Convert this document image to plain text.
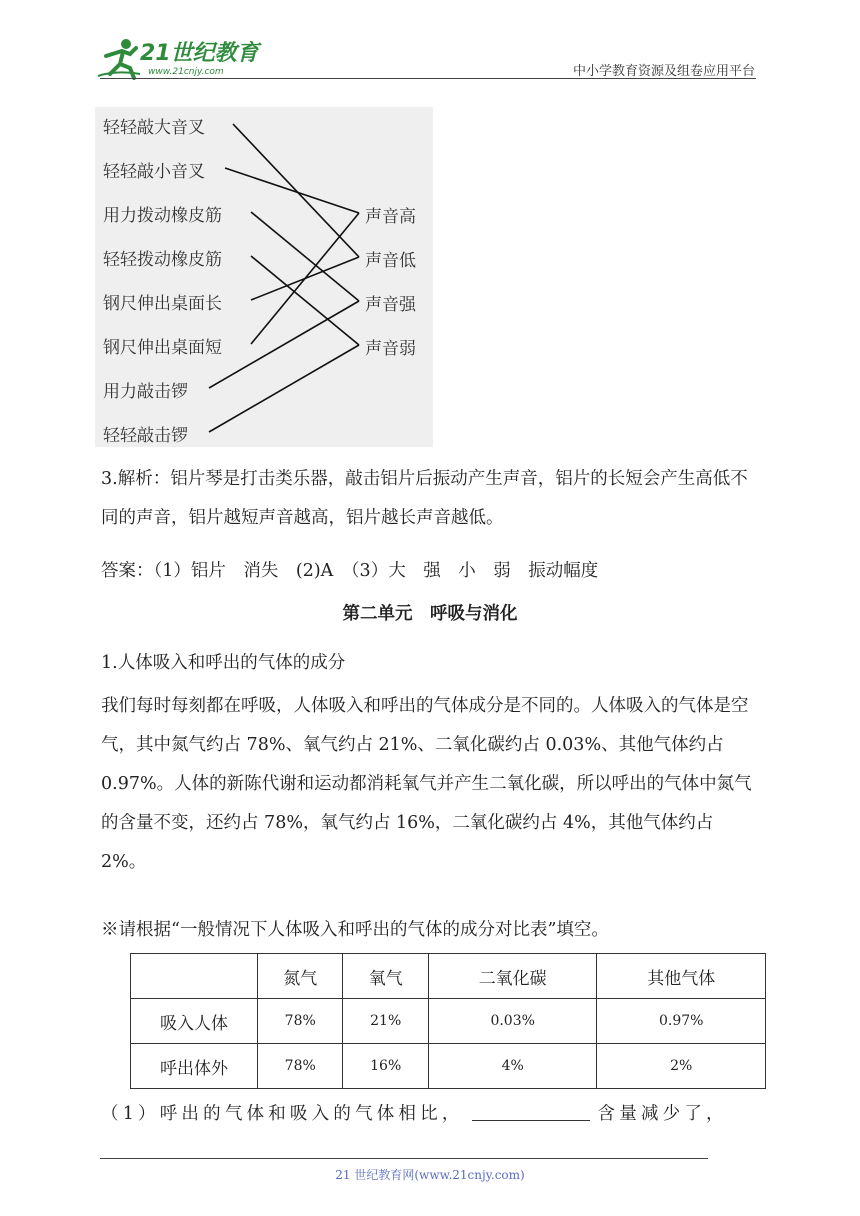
21世纪教育
www.21cnjy.com	中小学教育资源及组卷应用平台
轻轻敲大音叉
轻轻敲小音叉
用力拨动橡皮筋
轻轻拨动橡皮筋
钢尺伸出桌面长
钢尺伸出桌面短
用力敲击锣
轻轻敲击锣
声音高
声音低
声音强
声音弱
3.解析：铝片琴是打击类乐器，敲击铝片后振动产生声音，铝片的长短会产生高低不同的声音，铝片越短声音越高，铝片越长声音越低。
答案：（1）铝片　消失　(2)A　（3）大　强　小　弱　振动幅度
第二单元　呼吸与消化
1.人体吸入和呼出的气体的成分
我们每时每刻都在呼吸，人体吸入和呼出的气体成分是不同的。人体吸入的气体是空气，其中氮气约占 78%、氧气约占 21%、二氧化碳约占 0.03%、其他气体约占 0.97%。人体的新陈代谢和运动都消耗氧气并产生二氧化碳，所以呼出的气体中氮气的含量不变，还约占 78%，氧气约占 16%，二氧化碳约占 4%，其他气体约占 2%。
※请根据“一般情况下人体吸入和呼出的气体的成分对比表”填空。
	氮气	氧气	二氧化碳	其他气体
吸入人体	78%	21%	0.03%	0.97%
呼出体外	78%	16%	4%	2%
（1）呼出的气体和吸入的气体相比，	含量减少了，
21 世纪教育网(www.21cnjy.com)
